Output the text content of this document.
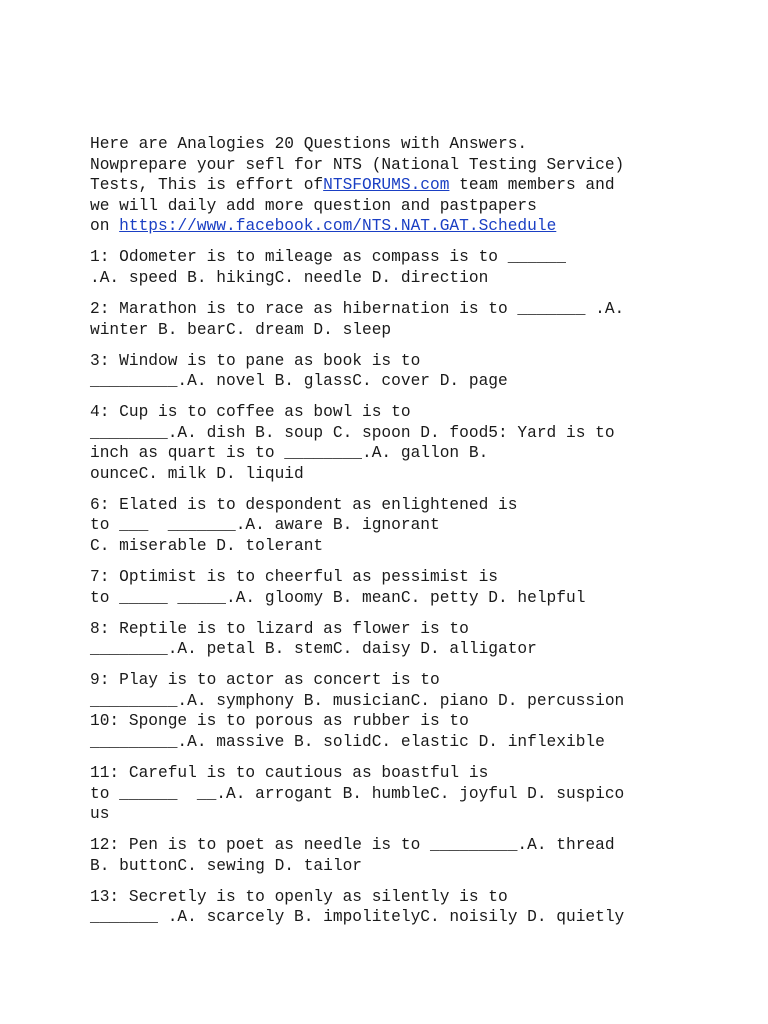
Here are Analogies 20 Questions with Answers.
Nowprepare your sefl for NTS (National Testing Service)
Tests, This is effort ofNTSFORUMS.com team members and
we will daily add more question and pastpapers
on https://www.facebook.com/NTS.NAT.GAT.Schedule
1: Odometer is to mileage as compass is to ______
.A. speed B. hikingC. needle D. direction
2: Marathon is to race as hibernation is to _______ .A.
winter B. bearC. dream D. sleep
3: Window is to pane as book is to
_________.A. novel B. glassC. cover D. page
4: Cup is to coffee as bowl is to
________.A. dish B. soup C. spoon D. food5: Yard is to
inch as quart is to ________.A. gallon B.
ounceC. milk D. liquid
6: Elated is to despondent as enlightened is
to ___  _______.A. aware B. ignorant
C. miserable D. tolerant
7: Optimist is to cheerful as pessimist is
to _____ _____.A. gloomy B. meanC. petty D. helpful
8: Reptile is to lizard as flower is to
________.A. petal B. stemC. daisy D. alligator
9: Play is to actor as concert is to
_________.A. symphony B. musicianC. piano D. percussion
10: Sponge is to porous as rubber is to
_________.A. massive B. solidC. elastic D. inflexible
11: Careful is to cautious as boastful is
to ______  __.A. arrogant B. humbleC. joyful D. suspico
us
12: Pen is to poet as needle is to _________.A. thread
B. buttonC. sewing D. tailor
13: Secretly is to openly as silently is to
_______ .A. scarcely B. impolitelyC. noisily D. quietly
